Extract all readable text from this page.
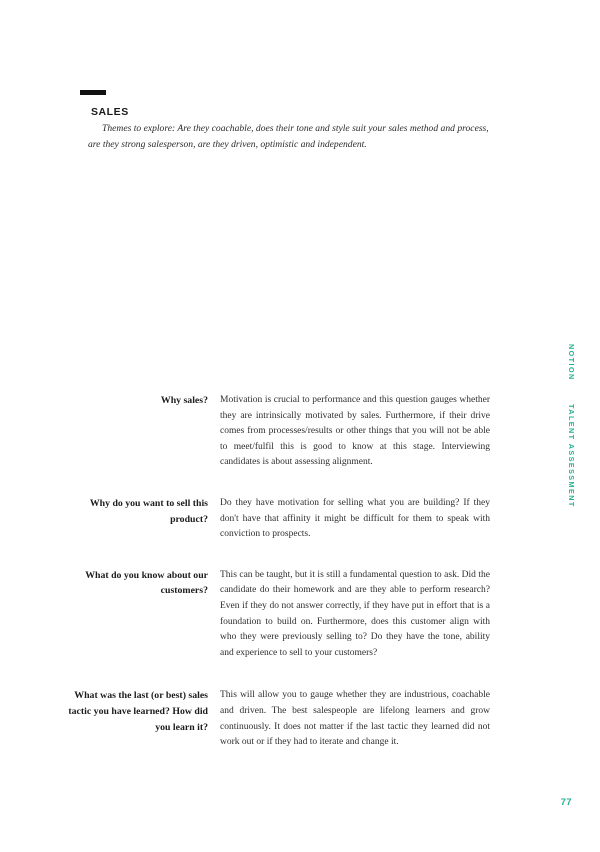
SALES
Themes to explore: Are they coachable, does their tone and style suit your sales method and process, are they strong salesperson, are they driven, optimistic and independent.
Why sales? Motivation is crucial to performance and this question gauges whether they are intrinsically motivated by sales. Furthermore, if their drive comes from processes/results or other things that you will not be able to meet/fulfil this is good to know at this stage. Interviewing candidates is about assessing alignment.
Why do you want to sell this product?
Do they have motivation for selling what you are building? If they don't have that affinity it might be difficult for them to speak with conviction to prospects.
What do you know about our customers?
This can be taught, but it is still a fundamental question to ask. Did the candidate do their homework and are they able to perform research? Even if they do not answer correctly, if they have put in effort that is a foundation to build on. Furthermore, does this customer align with who they were previously selling to? Do they have the tone, ability and experience to sell to your customers?
What was the last (or best) sales tactic you have learned? How did you learn it?
This will allow you to gauge whether they are industrious, coachable and driven. The best salespeople are lifelong learners and grow continuously. It does not matter if the last tactic they learned did not work out or if they had to iterate and change it.
NOTION
TALENT ASSESSMENT
77
